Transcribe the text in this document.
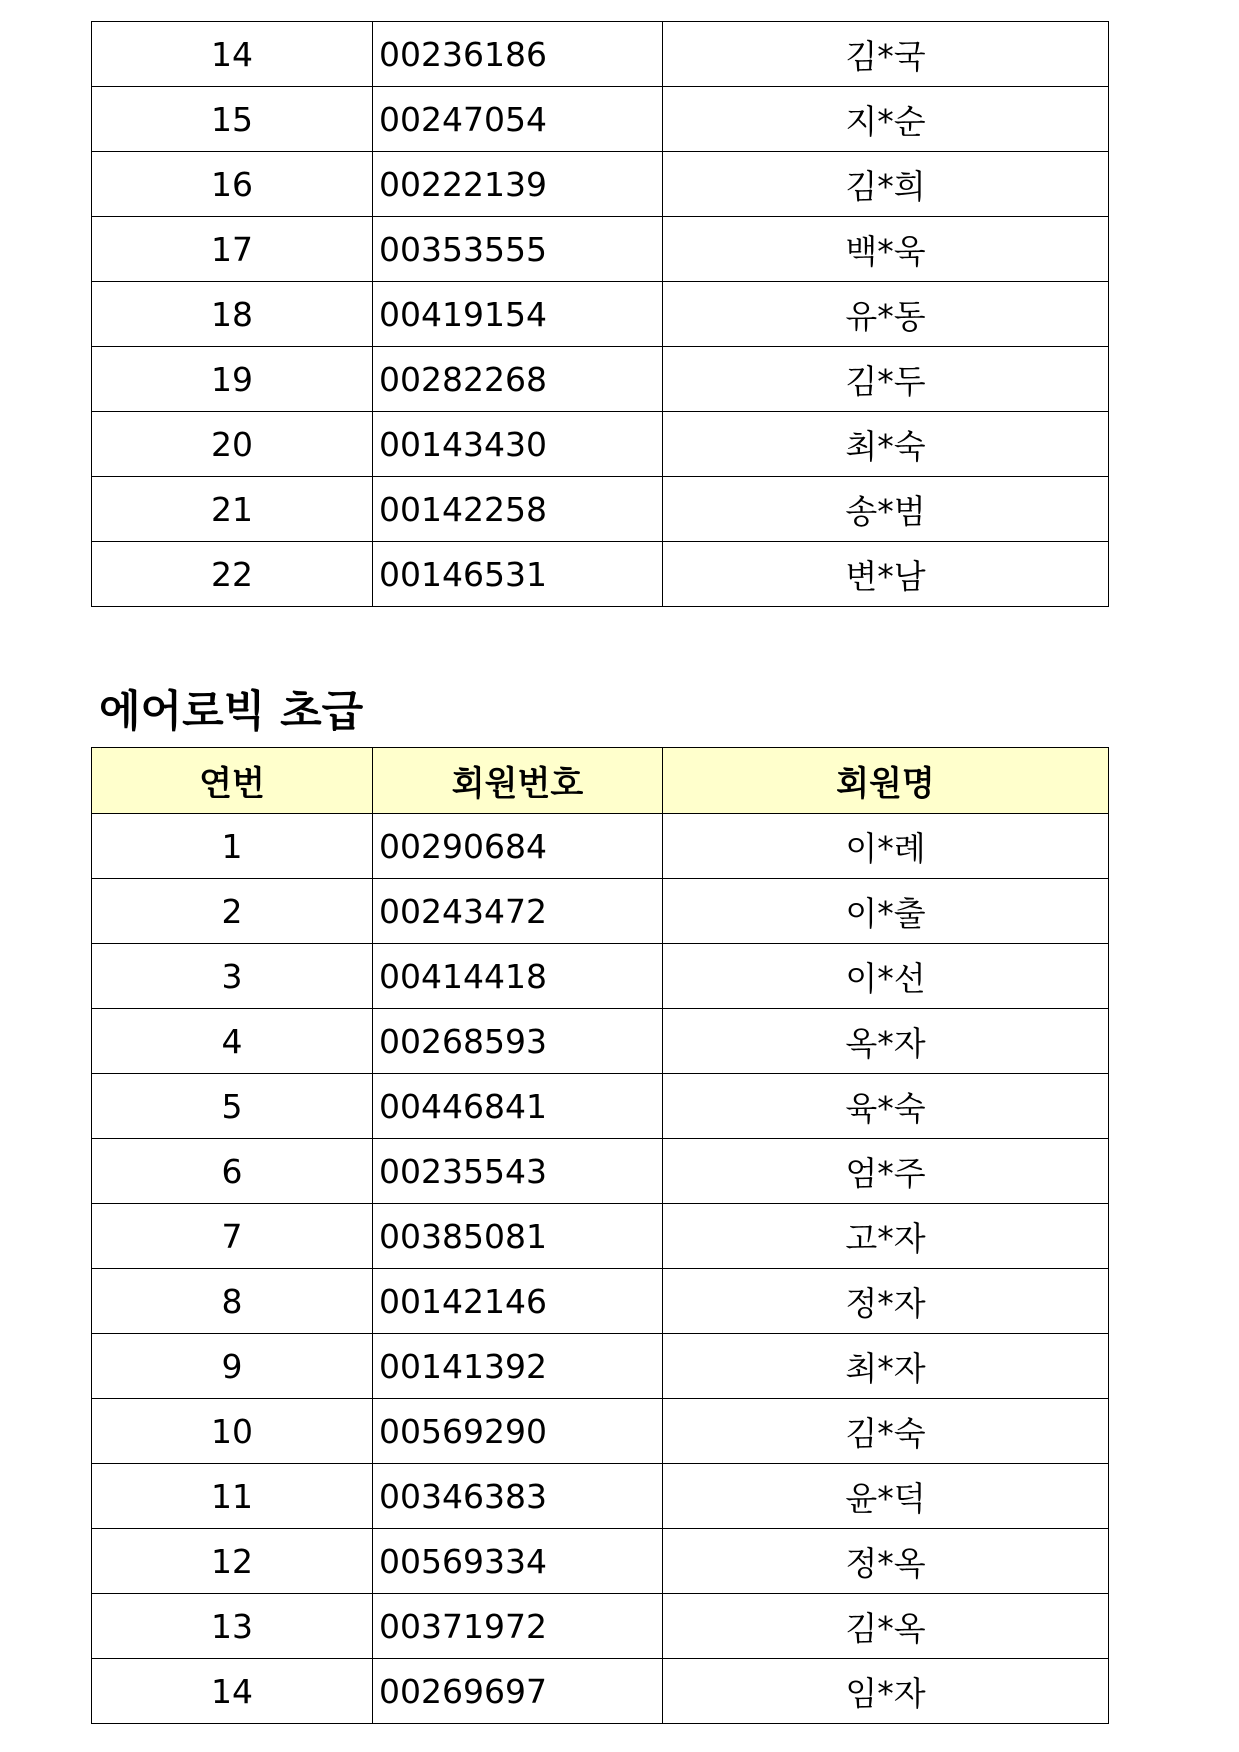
14	00236186	김*국
15	00247054	지*순
16	00222139	김*희
17	00353555	백*욱
18	00419154	유*동
19	00282268	김*두
20	00143430	최*숙
21	00142258	송*범
22	00146531	변*남
에어로빅 초급
연번	회원번호	회원명
1	00290684	이*례
2	00243472	이*출
3	00414418	이*선
4	00268593	옥*자
5	00446841	육*숙
6	00235543	엄*주
7	00385081	고*자
8	00142146	정*자
9	00141392	최*자
10	00569290	김*숙
11	00346383	윤*덕
12	00569334	정*옥
13	00371972	김*옥
14	00269697	임*자
